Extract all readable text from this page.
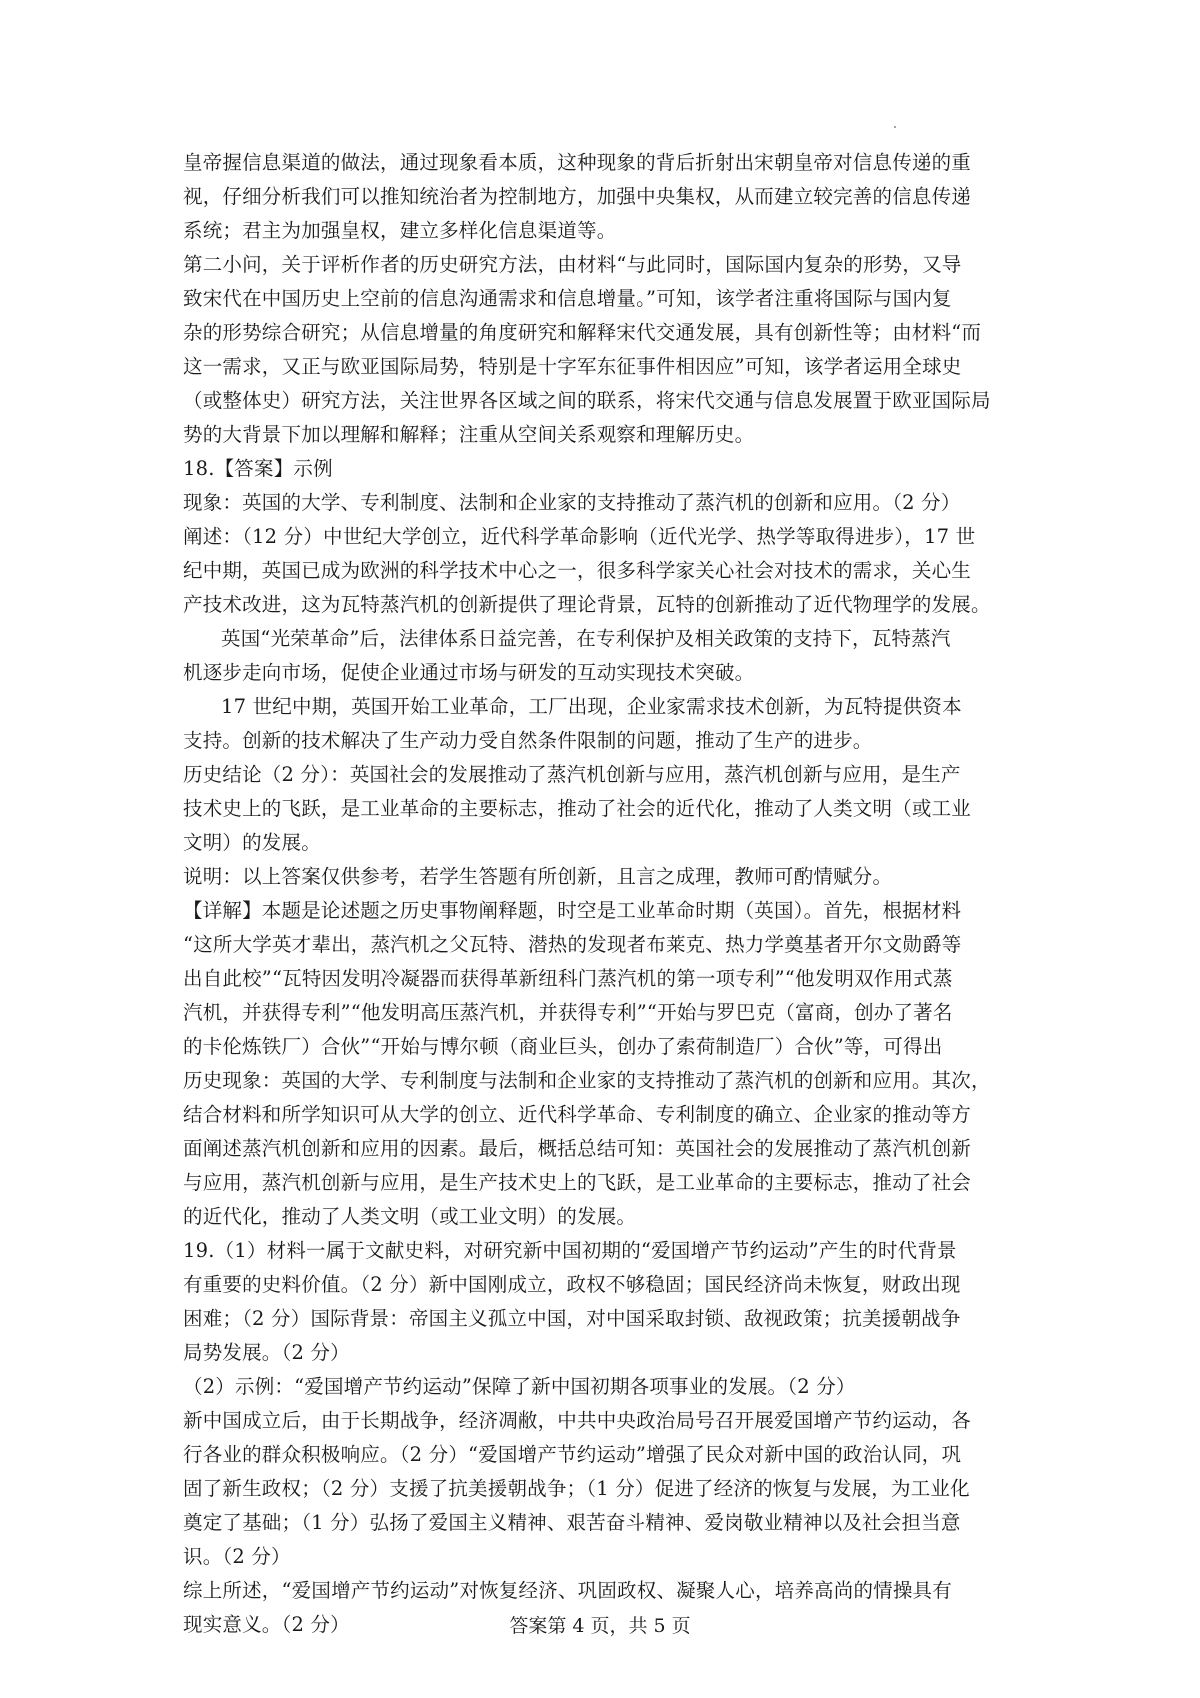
皇帝握信息渠道的做法，通过现象看本质，这种现象的背后折射出宋朝皇帝对信息传递的重
视，仔细分析我们可以推知统治者为控制地方，加强中央集权，从而建立较完善的信息传递
系统；君主为加强皇权，建立多样化信息渠道等。
第二小问，关于评析作者的历史研究方法，由材料“与此同时，国际国内复杂的形势，又导
致宋代在中国历史上空前的信息沟通需求和信息增量。”可知，该学者注重将国际与国内复
杂的形势综合研究；从信息增量的角度研究和解释宋代交通发展，具有创新性等；由材料“而
这一需求，又正与欧亚国际局势，特别是十字军东征事件相因应”可知，该学者运用全球史
（或整体史）研究方法，关注世界各区域之间的联系，将宋代交通与信息发展置于欧亚国际局
势的大背景下加以理解和解释；注重从空间关系观察和理解历史。
18.【答案】示例
现象：英国的大学、专利制度、法制和企业家的支持推动了蒸汽机的创新和应用。（2 分）
阐述：（12 分）中世纪大学创立，近代科学革命影响（近代光学、热学等取得进步），17 世
纪中期，英国已成为欧洲的科学技术中心之一，很多科学家关心社会对技术的需求，关心生
产技术改进，这为瓦特蒸汽机的创新提供了理论背景，瓦特的创新推动了近代物理学的发展。
英国“光荣革命”后，法律体系日益完善，在专利保护及相关政策的支持下，瓦特蒸汽
机逐步走向市场，促使企业通过市场与研发的互动实现技术突破。
17 世纪中期，英国开始工业革命，工厂出现，企业家需求技术创新，为瓦特提供资本
支持。创新的技术解决了生产动力受自然条件限制的问题，推动了生产的进步。
历史结论（2 分）：英国社会的发展推动了蒸汽机创新与应用，蒸汽机创新与应用，是生产
技术史上的飞跃，是工业革命的主要标志，推动了社会的近代化，推动了人类文明（或工业
文明）的发展。
说明：以上答案仅供参考，若学生答题有所创新，且言之成理，教师可酌情赋分。
【详解】本题是论述题之历史事物阐释题，时空是工业革命时期（英国）。首先，根据材料
“这所大学英才辈出，蒸汽机之父瓦特、潜热的发现者布莱克、热力学奠基者开尔文勋爵等
出自此校”“瓦特因发明冷凝器而获得革新纽科门蒸汽机的第一项专利”“他发明双作用式蒸
汽机，并获得专利”“他发明高压蒸汽机，并获得专利”“开始与罗巴克（富商，创办了著名
的卡伦炼铁厂）合伙”“开始与博尔顿（商业巨头，创办了索荷制造厂）合伙”等，可得出
历史现象：英国的大学、专利制度与法制和企业家的支持推动了蒸汽机的创新和应用。其次，
结合材料和所学知识可从大学的创立、近代科学革命、专利制度的确立、企业家的推动等方
面阐述蒸汽机创新和应用的因素。最后，概括总结可知：英国社会的发展推动了蒸汽机创新
与应用，蒸汽机创新与应用，是生产技术史上的飞跃，是工业革命的主要标志，推动了社会
的近代化，推动了人类文明（或工业文明）的发展。
19.（1）材料一属于文献史料，对研究新中国初期的“爱国增产节约运动”产生的时代背景
有重要的史料价值。（2 分）新中国刚成立，政权不够稳固；国民经济尚未恢复，财政出现
困难；（2 分）国际背景：帝国主义孤立中国，对中国采取封锁、敌视政策；抗美援朝战争
局势发展。（2 分）
（2）示例：“爱国增产节约运动”保障了新中国初期各项事业的发展。（2 分）
新中国成立后，由于长期战争，经济凋敝，中共中央政治局号召开展爱国增产节约运动，各
行各业的群众积极响应。（2 分）“爱国增产节约运动”增强了民众对新中国的政治认同，巩
固了新生政权；（2 分）支援了抗美援朝战争；（1 分）促进了经济的恢复与发展，为工业化
奠定了基础；（1 分）弘扬了爱国主义精神、艰苦奋斗精神、爱岗敬业精神以及社会担当意
识。（2 分）
综上所述，“爱国增产节约运动”对恢复经济、巩固政权、凝聚人心，培养高尚的情操具有
现实意义。（2 分）	答案第 4 页，共 5 页
